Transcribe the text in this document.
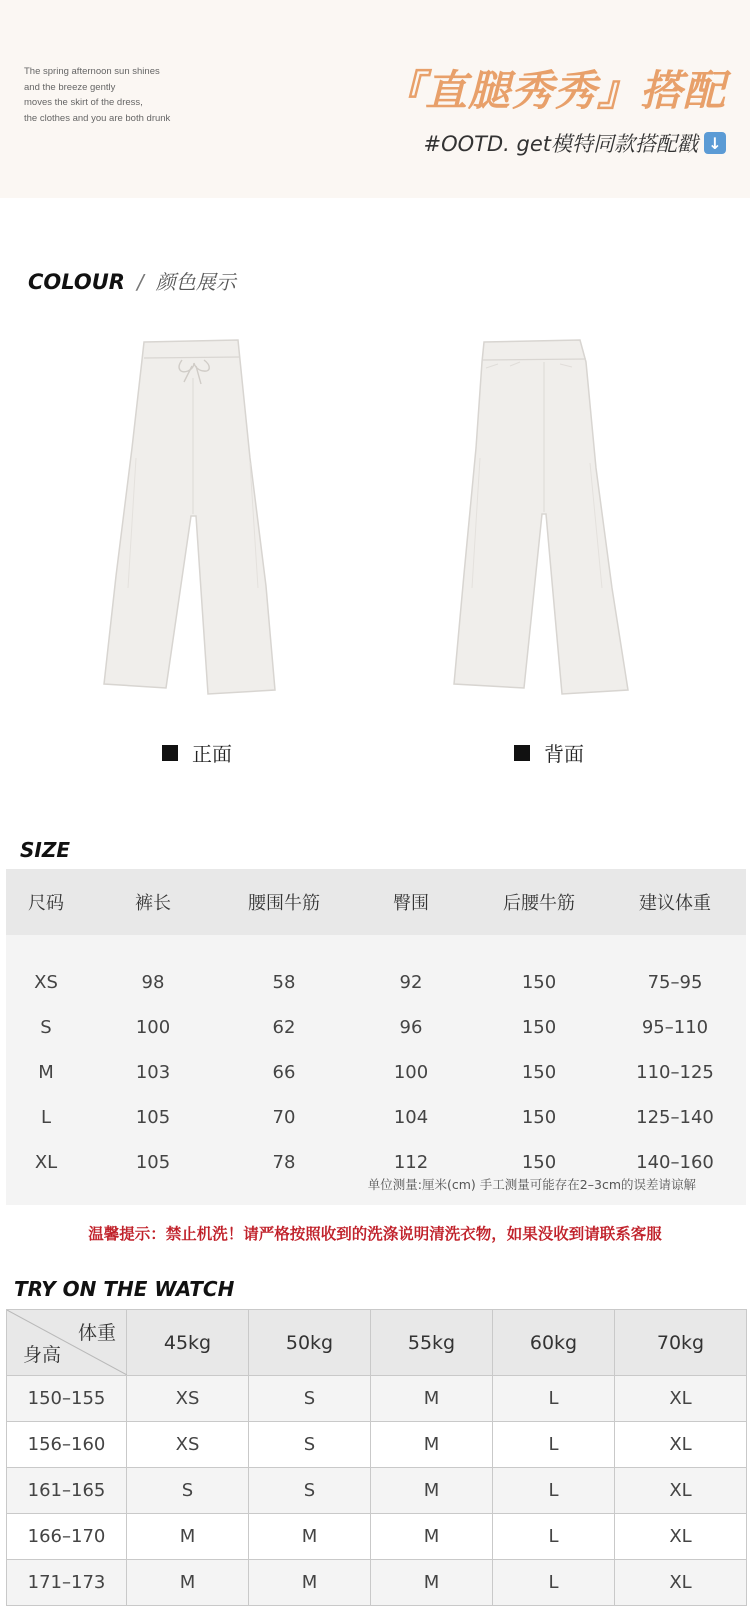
The spring afternoon sun shines
and the breeze gently
moves the skirt of the dress,
the clothes and you are both drunk
『直腿秀秀』搭配
#OOTD. get模特同款搭配戳 ↓
COLOUR / 颜色展示
正面	背面
SIZE
尺码	裤长	腰围牛筋	臀围	后腰牛筋	建议体重
XS	98	58	92	150	75–95
S	100	62	96	150	95–110
M	103	66	100	150	110–125
L	105	70	104	150	125–140
XL	105	78	112	150	140–160
单位测量:厘米(cm) 手工测量可能存在2–3cm的误差请谅解
温馨提示：禁止机洗！请严格按照收到的洗涤说明清洗衣物，如果没收到请联系客服
TRY ON THE WATCH
体重
身高	45kg	50kg	55kg	60kg	70kg
150–155	XS	S	M	L	XL
156–160	XS	S	M	L	XL
161–165	S	S	M	L	XL
166–170	M	M	M	L	XL
171–173	M	M	M	L	XL
